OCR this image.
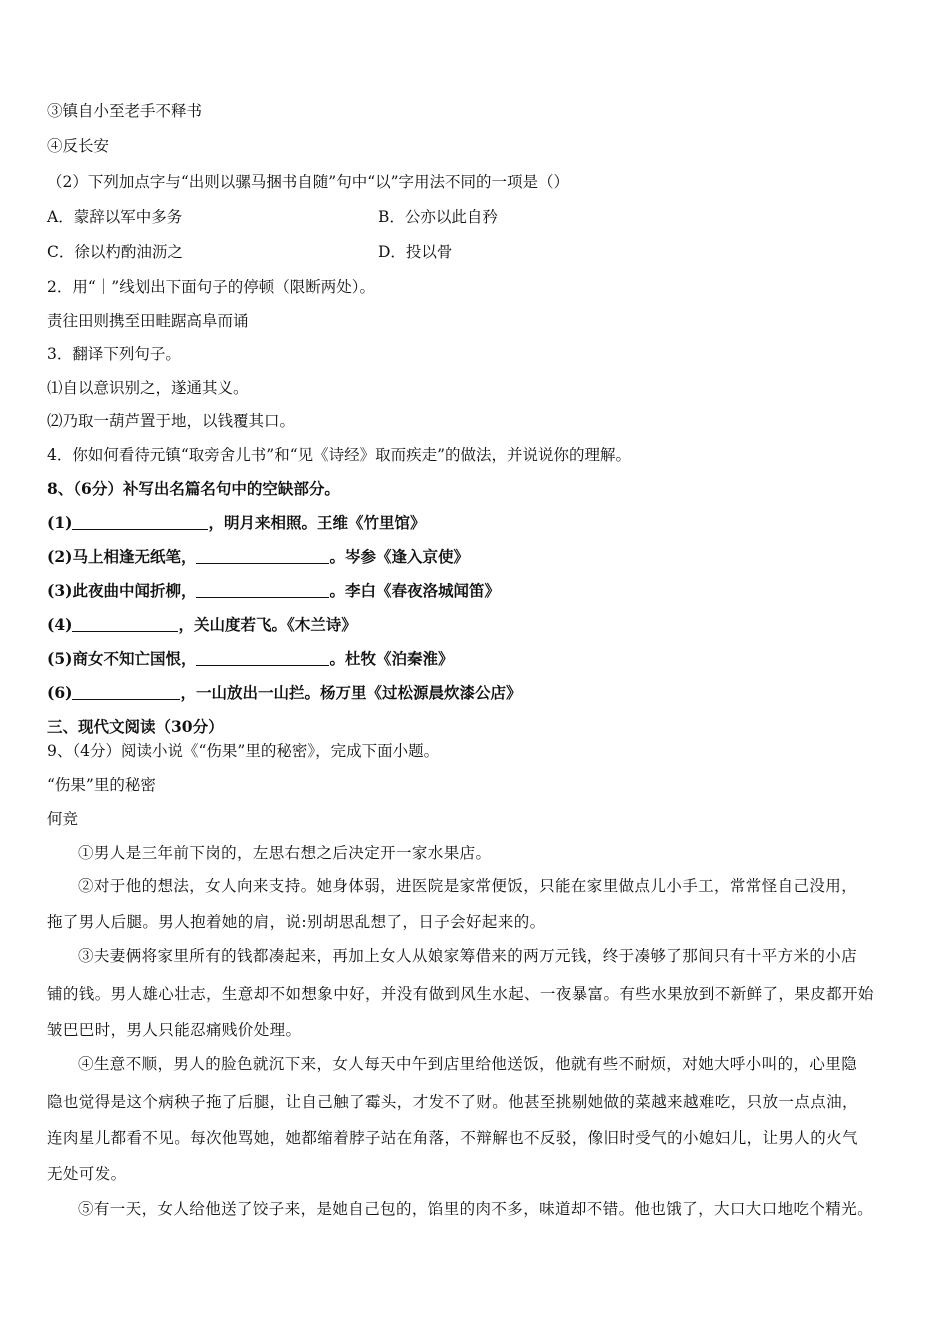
③镇自小至老手不释书
④反长安
（2）下列加点字与“出则以骡马捆书自随”句中“以”字用法不同的一项是（）
A．蒙辞以军中多务	B．公亦以此自矜
C．徐以杓酌油沥之	D．投以骨
2．用“｜”线划出下面句子的停顿（限断两处）。
责往田则携至田畦踞高阜而诵
3．翻译下列句子。
⑴自以意识别之，遂通其义。
⑵乃取一葫芦置于地，以钱覆其口。
4．你如何看待元镇“取旁舍儿书”和“见《诗经》取而疾走”的做法，并说说你的理解。
8、（6分）补写出名篇名句中的空缺部分。
(1)	，明月来相照。王维《竹里馆》
(2)马上相逢无纸笔，	。岑参《逢入京使》
(3)此夜曲中闻折柳，	。李白《春夜洛城闻笛》
(4)	，关山度若飞。《木兰诗》
(5)商女不知亡国恨，	。杜牧《泊秦淮》
(6)	，一山放出一山拦。杨万里《过松源晨炊漆公店》
三、现代文阅读（30分）
9、（4分）阅读小说《“伤果”里的秘密》，完成下面小题。
“伤果”里的秘密
何竞
①男人是三年前下岗的，左思右想之后决定开一家水果店。
②对于他的想法，女人向来支持。她身体弱，进医院是家常便饭，只能在家里做点儿小手工，常常怪自己没用，
拖了男人后腿。男人抱着她的肩，说:别胡思乱想了，日子会好起来的。
③夫妻俩将家里所有的钱都凑起来，再加上女人从娘家筹借来的两万元钱，终于凑够了那间只有十平方米的小店
铺的钱。男人雄心壮志，生意却不如想象中好，并没有做到风生水起、一夜暴富。有些水果放到不新鲜了，果皮都开始
皱巴巴时，男人只能忍痛贱价处理。
④生意不顺，男人的脸色就沉下来，女人每天中午到店里给他送饭，他就有些不耐烦，对她大呼小叫的，心里隐
隐也觉得是这个病秧子拖了后腿，让自己触了霉头，才发不了财。他甚至挑剔她做的菜越来越难吃，只放一点点油，
连肉星儿都看不见。每次他骂她，她都缩着脖子站在角落，不辩解也不反驳，像旧时受气的小媳妇儿，让男人的火气
无处可发。
⑤有一天，女人给他送了饺子来，是她自己包的，馅里的肉不多，味道却不错。他也饿了，大口大口地吃个精光。
